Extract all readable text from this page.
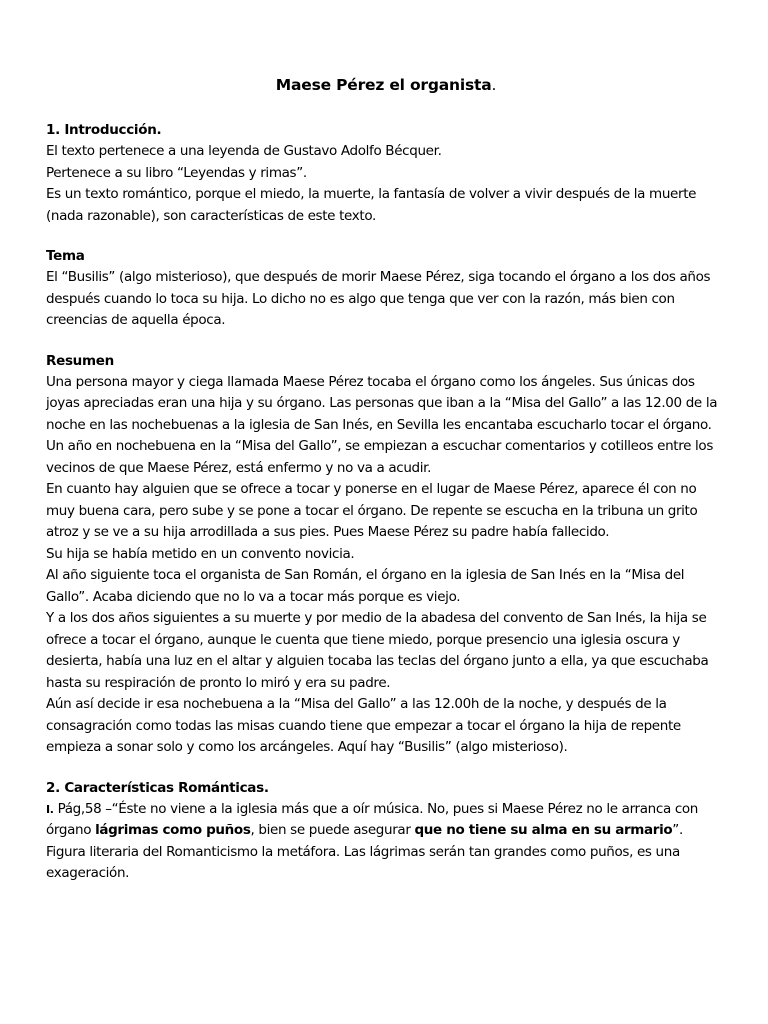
Maese Pérez el organista.
1. Introducción.

El texto pertenece a una leyenda de Gustavo Adolfo Bécquer.

Pertenece a su libro “Leyendas y rimas”.

Es un texto romántico, porque el miedo, la muerte, la fantasía de volver a vivir después de la muerte (nada razonable), son características de este texto.

Tema

El “Busilis” (algo misterioso), que después de morir Maese Pérez, siga tocando el órgano a los dos años después cuando lo toca su hija. Lo dicho no es algo que tenga que ver con la razón, más bien con creencias de aquella época.

Resumen

Una persona mayor y ciega llamada Maese Pérez tocaba el órgano como los ángeles. Sus únicas dos joyas apreciadas eran una hija y su órgano. Las personas que iban a la “Misa del Gallo” a las 12.00 de la noche en las nochebuenas a la iglesia de San Inés, en Sevilla les encantaba escucharlo tocar el órgano.

Un año en nochebuena en la “Misa del Gallo”, se empiezan a escuchar comentarios y cotilleos entre los vecinos de que Maese Pérez, está enfermo y no va a acudir.

En cuanto hay alguien que se ofrece a tocar y ponerse en el lugar de Maese Pérez, aparece él con no muy buena cara, pero sube y se pone a tocar el órgano. De repente se escucha en la tribuna un grito atroz y se ve a su hija arrodillada a sus pies. Pues Maese Pérez su padre había fallecido.

Su hija se había metido en un convento novicia.

Al año siguiente toca el organista de San Román, el órgano en la iglesia de San Inés en la “Misa del Gallo”. Acaba diciendo que no lo va a tocar más porque es viejo.

Y a los dos años siguientes a su muerte y por medio de la abadesa del convento de San Inés, la hija se ofrece a tocar el órgano, aunque le cuenta que tiene miedo, porque presencio una iglesia oscura y desierta, había una luz en el altar y alguien tocaba las teclas del órgano junto a ella, ya que escuchaba hasta su respiración de pronto lo miró y era su padre.

Aún así decide ir esa nochebuena a la “Misa del Gallo” a las 12.00h de la noche, y después de la consagración como todas las misas cuando tiene que empezar a tocar el órgano la hija de repente empieza a sonar solo y como los arcángeles. Aquí hay “Busilis” (algo misterioso).

2. Características Románticas.

I. Pág,58 –“Éste no viene a la iglesia más que a oír música. No, pues si Maese Pérez no le arranca con órgano lágrimas como puños, bien se puede asegurar que no tiene su alma en su armario”.

Figura literaria del Romanticismo la metáfora. Las lágrimas serán tan grandes como puños, es una exageración.
